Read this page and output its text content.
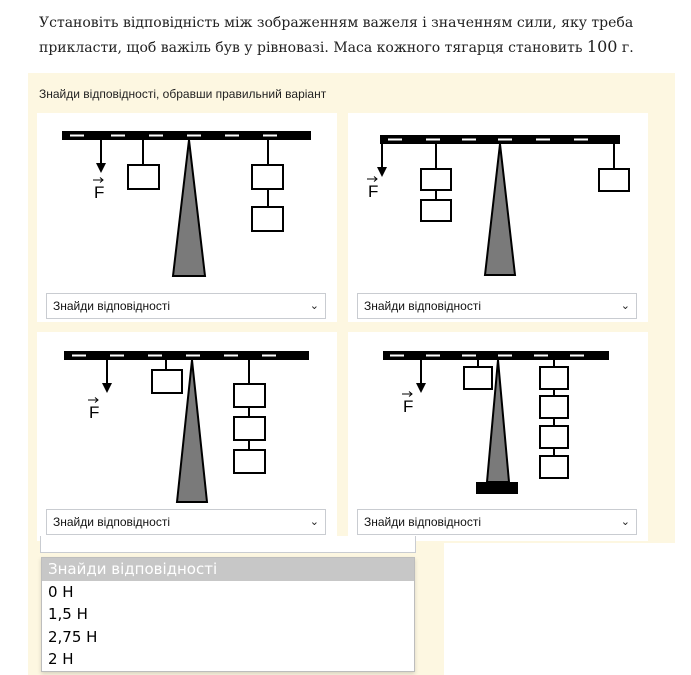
Установіть відповідність між зображенням важеля і значенням сили, яку треба прикласти, щоб важіль був у рівновазі. Маса кожного тягарця становить 100 г.
Знайди відповідності, обравши правильний варіант
F
Знайди відповідності	⌄
F
Знайди відповідності	⌄
F
Знайди відповідності	⌄
F
Знайди відповідності	⌄
Знайди відповідності
0 Н
1,5 Н
2,75 Н
2 Н
